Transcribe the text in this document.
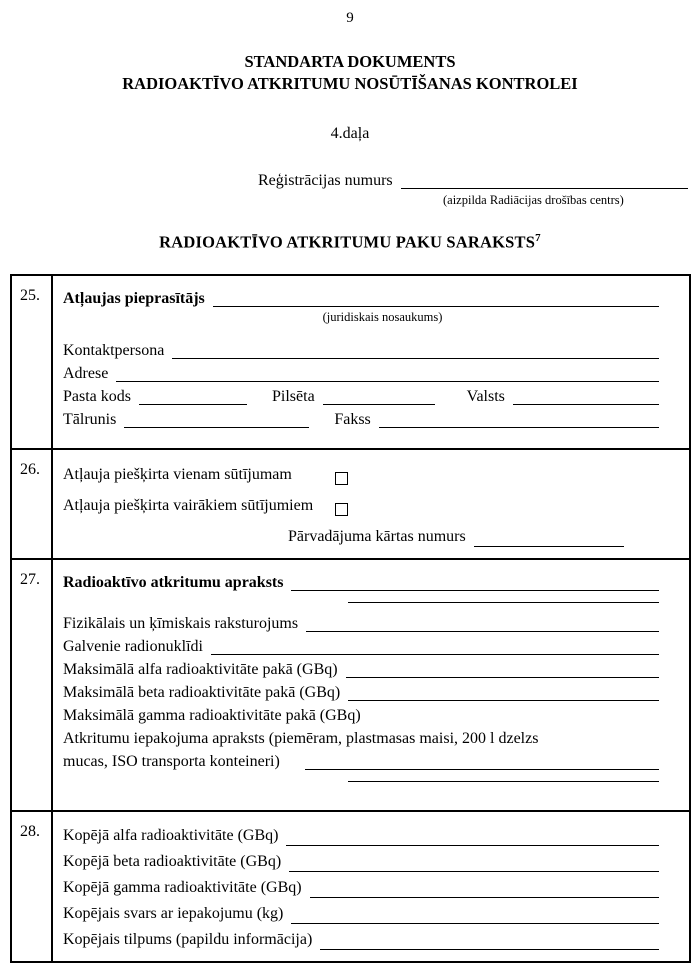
9
STANDARTA DOKUMENTS
RADIOAKTĪVO ATKRITUMU NOSŪTĪŠANAS KONTROLEI
4.daļa
Reģistrācijas numurs
(aizpilda Radiācijas drošības centrs)
RADIOAKTĪVO ATKRITUMU PAKU SARAKSTS$^7$
25.	Atļaujas pieprasītājs
(juridiskais nosaukums)
Kontaktpersona
Adrese
Pasta kods	Pilsēta	Valsts
Tālrunis	Fakss
26.	Atļauja piešķirta vienam sūtījumam
Atļauja piešķirta vairākiem sūtījumiem
Pārvadājuma kārtas numurs
27.	Radioaktīvo atkritumu apraksts
Fizikālais un ķīmiskais raksturojums
Galvenie radionuklīdi
Maksimālā alfa radioaktivitāte pakā (GBq)
Maksimālā beta radioaktivitāte pakā (GBq)
Maksimālā gamma radioaktivitāte pakā (GBq)
Atkritumu iepakojuma apraksts (piemēram, plastmasas maisi, 200 l dzelzs
mucas, ISO transporta konteineri)
28.	Kopējā alfa radioaktivitāte (GBq)
Kopējā beta radioaktivitāte (GBq)
Kopējā gamma radioaktivitāte (GBq)
Kopējais svars ar iepakojumu (kg)
Kopējais tilpums (papildu informācija)
